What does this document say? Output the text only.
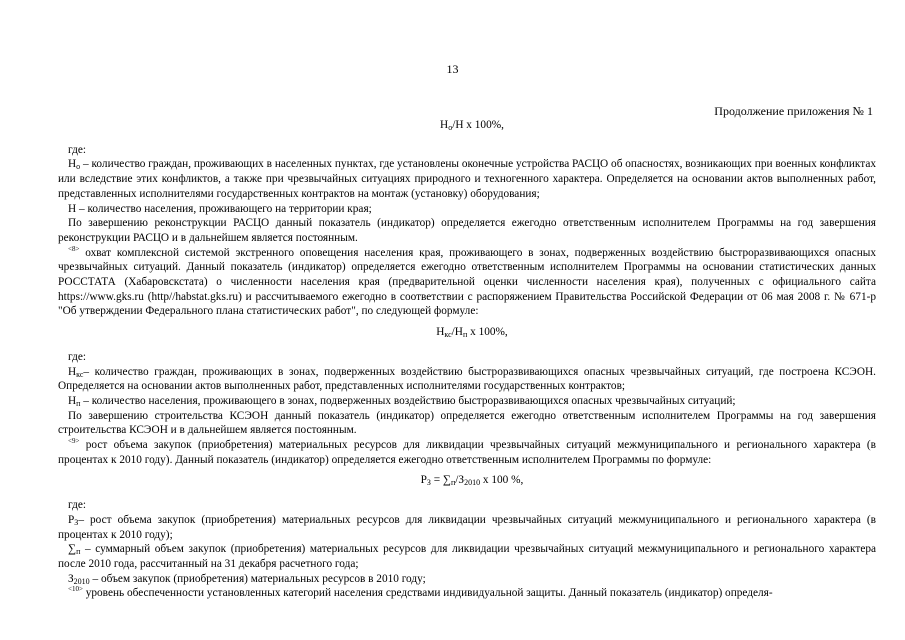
13
Продолжение приложения № 1

$Н_о/Н$ х 100%,

где:

$Н_о$ – количество граждан, проживающих в населенных пунктах, где установлены оконечные устройства РАСЦО об опасностях, возникающих при военных конфликтах или вследствие этих конфликтов, а также при чрезвычайных ситуациях природного и техногенного характера. Определяется на основании актов выполненных работ, представленных исполнителями государственных контрактов на монтаж (установку) оборудования;

Н – количество населения, проживающего на территории края;

По завершению реконструкции РАСЦО данный показатель (индикатор) определяется ежегодно ответственным исполнителем Программы на год завершения реконструкции РАСЦО и в дальнейшем является постоянным.

$^{<8>}$ охват комплексной системой экстренного оповещения населения края, проживающего в зонах, подверженных воздействию быстроразвивающихся опасных чрезвычайных ситуаций. Данный показатель (индикатор) определяется ежегодно ответственным исполнителем Программы на основании статистических данных РОССТАТА (Хабаровскстата) о численности населения края (предварительной оценки численности населения края), полученных с официального сайта https://www.gks.ru (http//habstat.gks.ru) и рассчитываемого ежегодно в соответствии с распоряжением Правительства Российской Федерации от 06 мая 2008 г. № 671-р "Об утверждении Федерального плана статистических работ", по следующей формуле:

$Н_{кс}/Н_п$ х 100%,

где:

$Н_{кс}-$ количество граждан, проживающих в зонах, подверженных воздействию быстроразвивающихся опасных чрезвычайных ситуаций, где построена КСЭОН. Определяется на основании актов выполненных работ, представленных исполнителями государственных контрактов;

$Н_п$ – количество населения, проживающего в зонах, подверженных воздействию быстроразвивающихся опасных чрезвычайных ситуаций;

По завершению строительства КСЭОН данный показатель (индикатор) определяется ежегодно ответственным исполнителем Программы на год завершения строительства КСЭОН и в дальнейшем является постоянным.

$^{<9>}$ рост объема закупок (приобретения) материальных ресурсов для ликвидации чрезвычайных ситуаций межмуниципального и регионального характера (в процентах к 2010 году). Данный показатель (индикатор) определяется ежегодно ответственным исполнителем Программы по формуле:

$Р_З = \sum_п/З_{2010}$ х 100 %,

где:

$Р_З-$ рост объема закупок (приобретения) материальных ресурсов для ликвидации чрезвычайных ситуаций межмуниципального и регионального характера (в процентах к 2010 году);

$\sum_п$ – суммарный объем закупок (приобретения) материальных ресурсов для ликвидации чрезвычайных ситуаций межмуниципального и регионального характера после 2010 года, рассчитанный на 31 декабря расчетного года;

$З_{2010}$ – объем закупок (приобретения) материальных ресурсов в 2010 году;

$^{<10>}$ уровень обеспеченности установленных категорий населения средствами индивидуальной защиты. Данный показатель (индикатор) определя-
